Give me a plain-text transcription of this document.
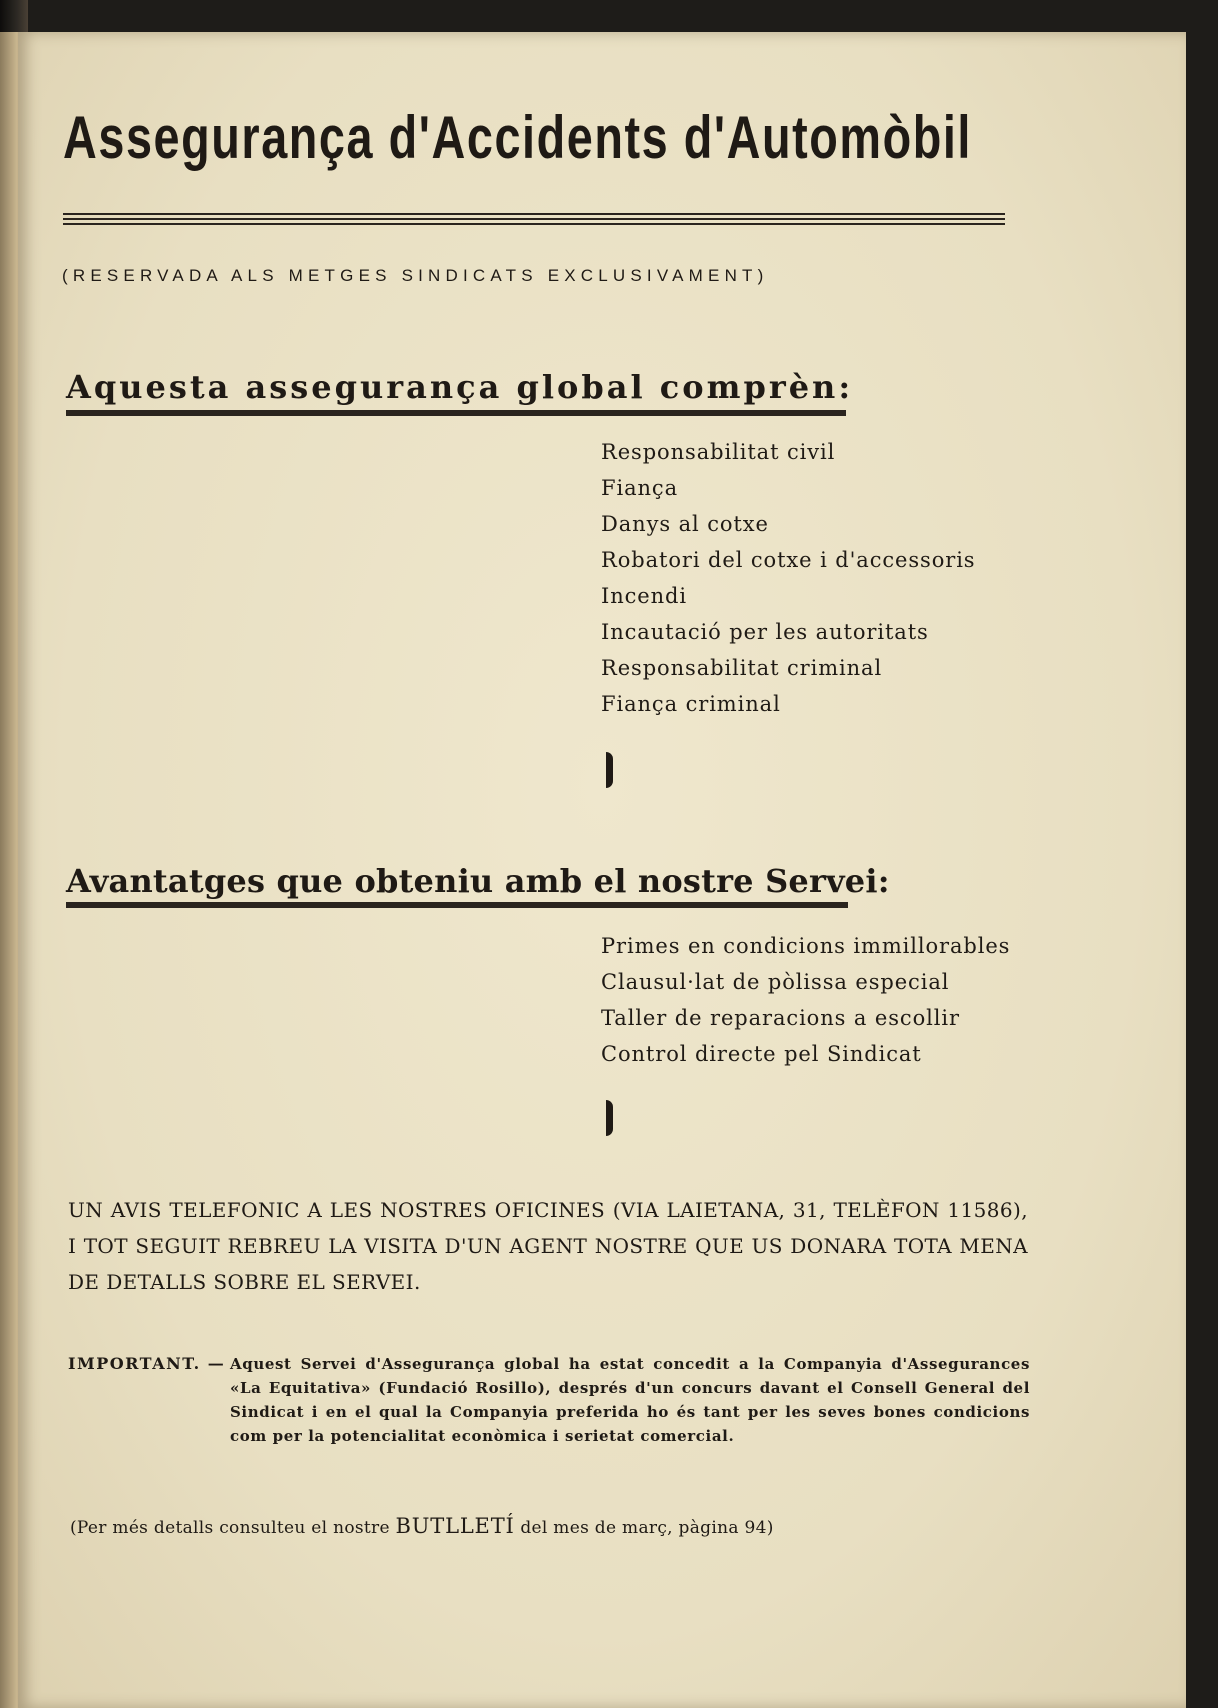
Assegurança d'Accidents d'Automòbil
(RESERVADA ALS METGES SINDICATS EXCLUSIVAMENT)
Aquesta assegurança global comprèn:
Responsabilitat civil
Fiança
Danys al cotxe
Robatori del cotxe i d'accessoris
Incendi
Incautació per les autoritats
Responsabilitat criminal
Fiança criminal
Avantatges que obteniu amb el nostre Servei:
Primes en condicions immillorables
Clausul·lat de pòlissa especial
Taller de reparacions a escollir
Control directe pel Sindicat
UN AVIS TELEFONIC A LES NOSTRES OFICINES (VIA LAIETANA, 31, TELÈFON 11586), I TOT SEGUIT REBREU LA VISITA D'UN AGENT NOSTRE QUE US DONARA TOTA MENA DE DETALLS SOBRE EL SERVEI.
IMPORTANT. — Aquest Servei d'Assegurança global ha estat concedit a la Companyia d'Assegurances «La Equitativa» (Fundació Rosillo), després d'un concurs davant el Consell General del Sindicat i en el qual la Companyia preferida ho és tant per les seves bones condicions com per la potencialitat econòmica i serietat comercial.
(Per més detalls consulteu el nostre BUTLLETÍ del mes de març, pàgina 94)
